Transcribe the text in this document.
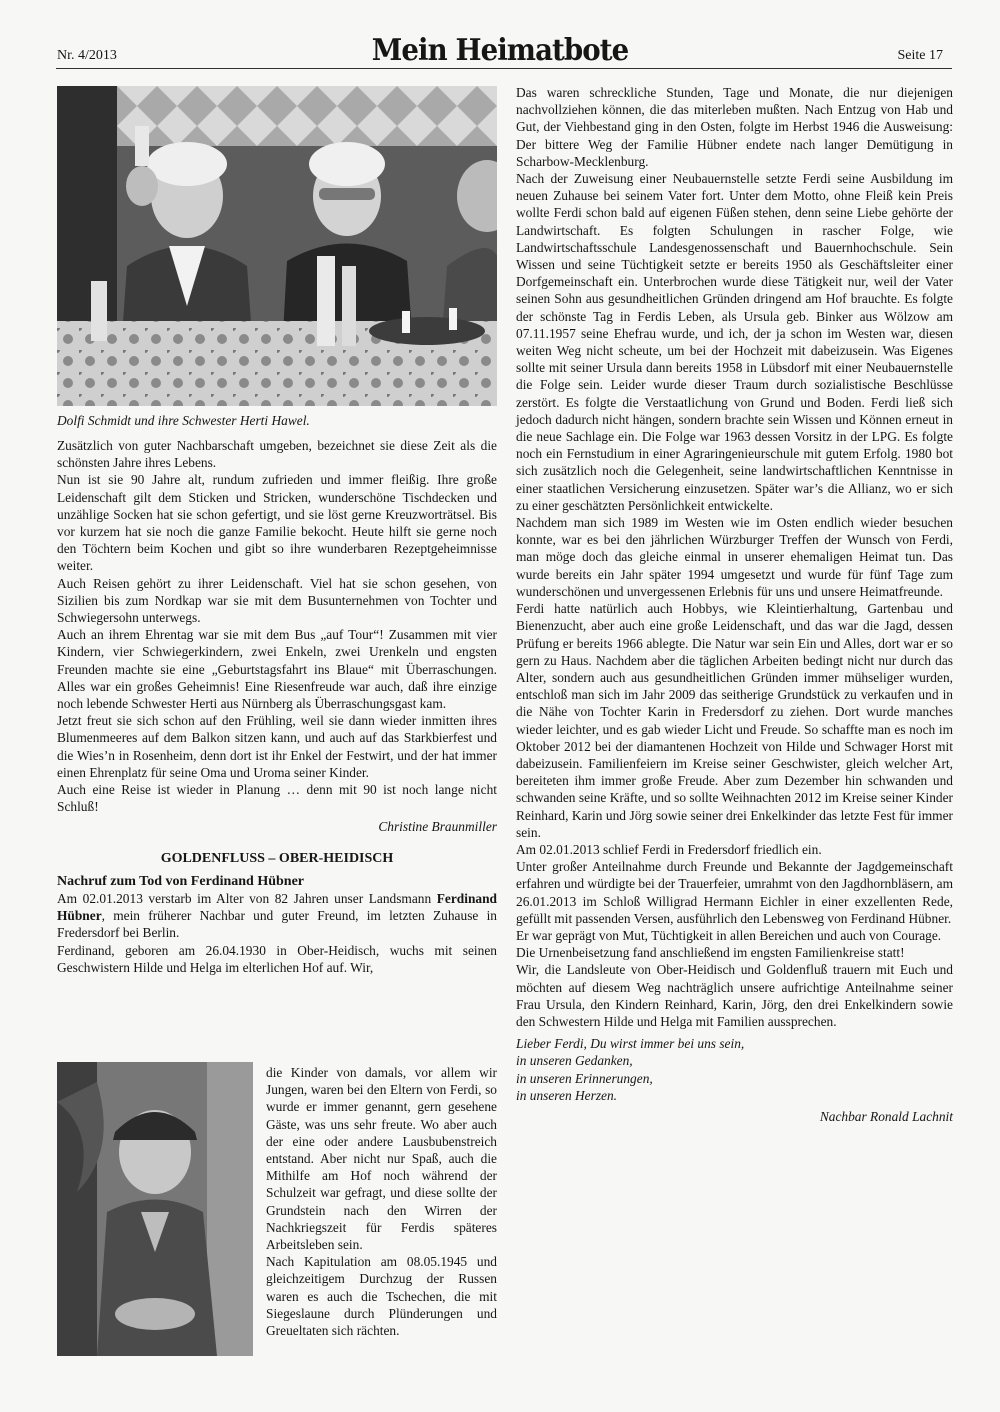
Nr. 4/2013	Mein Heimatbote	Seite 17
Dolfi Schmidt und ihre Schwester Herti Hawel.

Zusätzlich von guter Nachbarschaft umgeben, bezeichnet sie diese Zeit als die schönsten Jahre ihres Lebens.

Nun ist sie 90 Jahre alt, rundum zufrieden und immer fleißig. Ihre große Leidenschaft gilt dem Sticken und Stricken, wunderschöne Tischdecken und unzählige Socken hat sie schon gefertigt, und sie löst gerne Kreuzworträtsel. Bis vor kurzem hat sie noch die ganze Familie bekocht. Heute hilft sie gerne noch den Töchtern beim Kochen und gibt so ihre wunderbaren Rezeptgeheimnisse weiter.

Auch Reisen gehört zu ihrer Leidenschaft. Viel hat sie schon gesehen, von Sizilien bis zum Nordkap war sie mit dem Busunternehmen von Tochter und Schwiegersohn unterwegs.

Auch an ihrem Ehrentag war sie mit dem Bus „auf Tour“! Zusammen mit vier Kindern, vier Schwiegerkindern, zwei Enkeln, zwei Urenkeln und engsten Freunden machte sie eine „Geburtstagsfahrt ins Blaue“ mit Überraschungen. Alles war ein großes Geheimnis! Eine Riesenfreude war auch, daß ihre einzige noch lebende Schwester Herti aus Nürnberg als Überraschungsgast kam.

Jetzt freut sie sich schon auf den Frühling, weil sie dann wieder inmitten ihres Blumenmeeres auf dem Balkon sitzen kann, und auch auf das Starkbierfest und die Wies’n in Rosenheim, denn dort ist ihr Enkel der Festwirt, und der hat immer einen Ehrenplatz für seine Oma und Uroma seiner Kinder.

Auch eine Reise ist wieder in Planung … denn mit 90 ist noch lange nicht Schluß!

Christine Braunmiller

GOLDENFLUSS – OBER-HEIDISCH

Nachruf zum Tod von Ferdinand Hübner

Am 02.01.2013 verstarb im Alter von 82 Jahren unser Landsmann Ferdinand Hübner, mein früherer Nachbar und guter Freund, im letzten Zuhause in Fredersdorf bei Berlin.

Ferdinand, geboren am 26.04.1930 in Ober-Heidisch, wuchs mit seinen Geschwistern Hilde und Helga im elterlichen Hof auf. Wir,

die Kinder von damals, vor allem wir Jungen, waren bei den Eltern von Ferdi, so wurde er immer genannt, gern gesehene Gäste, was uns sehr freute. Wo aber auch der eine oder andere Lausbubenstreich entstand. Aber nicht nur Spaß, auch die Mithilfe am Hof noch während der Schulzeit war gefragt, und diese sollte der Grundstein nach den Wirren der Nachkriegszeit für Ferdis späteres Arbeitsleben sein.

Nach Kapitulation am 08.05.1945 und gleichzeitigem Durchzug der Russen waren es auch die Tschechen, die mit Siegeslaune durch Plünderungen und Greueltaten sich rächten.

Das waren schreckliche Stunden, Tage und Monate, die nur diejenigen nachvollziehen können, die das miterleben mußten. Nach Entzug von Hab und Gut, der Viehbestand ging in den Osten, folgte im Herbst 1946 die Ausweisung: Der bittere Weg der Familie Hübner endete nach langer Demütigung in Scharbow-Mecklenburg.

Nach der Zuweisung einer Neubauernstelle setzte Ferdi seine Ausbildung im neuen Zuhause bei seinem Vater fort. Unter dem Motto, ohne Fleiß kein Preis wollte Ferdi schon bald auf eigenen Füßen stehen, denn seine Liebe gehörte der Landwirtschaft. Es folgten Schulungen in rascher Folge, wie Landwirtschaftsschule Landesgenossenschaft und Bauernhochschule. Sein Wissen und seine Tüchtigkeit setzte er bereits 1950 als Geschäftsleiter einer Dorfgemeinschaft ein. Unterbrochen wurde diese Tätigkeit nur, weil der Vater seinen Sohn aus gesundheitlichen Gründen dringend am Hof brauchte. Es folgte der schönste Tag in Ferdis Leben, als Ursula geb. Binker aus Wölzow am 07.11.1957 seine Ehefrau wurde, und ich, der ja schon im Westen war, diesen weiten Weg nicht scheute, um bei der Hochzeit mit dabeizusein. Was Eigenes sollte mit seiner Ursula dann bereits 1958 in Lübsdorf mit einer Neubauernstelle die Folge sein. Leider wurde dieser Traum durch sozialistische Beschlüsse zerstört. Es folgte die Verstaatlichung von Grund und Boden. Ferdi ließ sich jedoch dadurch nicht hängen, sondern brachte sein Wissen und Können erneut in die neue Sachlage ein. Die Folge war 1963 dessen Vorsitz in der LPG. Es folgte noch ein Fernstudium in einer Agraringenieurschule mit gutem Erfolg. 1980 bot sich zusätzlich noch die Gelegenheit, seine landwirtschaftlichen Kenntnisse in einer staatlichen Versicherung einzusetzen. Später war’s die Allianz, wo er sich zu einer geschätzten Persönlichkeit entwickelte.

Nachdem man sich 1989 im Westen wie im Osten endlich wieder besuchen konnte, war es bei den jährlichen Würzburger Treffen der Wunsch von Ferdi, man möge doch das gleiche einmal in unserer ehemaligen Heimat tun. Das wurde bereits ein Jahr später 1994 umgesetzt und wurde für fünf Tage zum wunderschönen und unvergessenen Erlebnis für uns und unsere Heimatfreunde.

Ferdi hatte natürlich auch Hobbys, wie Kleintierhaltung, Gartenbau und Bienenzucht, aber auch eine große Leidenschaft, und das war die Jagd, dessen Prüfung er bereits 1966 ablegte. Die Natur war sein Ein und Alles, dort war er so gern zu Haus. Nachdem aber die täglichen Arbeiten bedingt nicht nur durch das Alter, sondern auch aus gesundheitlichen Gründen immer mühseliger wurden, entschloß man sich im Jahr 2009 das seitherige Grundstück zu verkaufen und in die Nähe von Tochter Karin in Fredersdorf zu ziehen. Dort wurde manches wieder leichter, und es gab wieder Licht und Freude. So schaffte man es noch im Oktober 2012 bei der diamantenen Hochzeit von Hilde und Schwager Horst mit dabeizusein. Familienfeiern im Kreise seiner Geschwister, gleich welcher Art, bereiteten ihm immer große Freude. Aber zum Dezember hin schwanden und schwanden seine Kräfte, und so sollte Weihnachten 2012 im Kreise seiner Kinder Reinhard, Karin und Jörg sowie seiner drei Enkelkinder das letzte Fest für immer sein.

Am 02.01.2013 schlief Ferdi in Fredersdorf friedlich ein.

Unter großer Anteilnahme durch Freunde und Bekannte der Jagdgemeinschaft erfahren und würdigte bei der Trauerfeier, umrahmt von den Jagdhornbläsern, am 26.01.2013 im Schloß Willigrad Hermann Eichler in einer exzellenten Rede, gefüllt mit passenden Versen, ausführlich den Lebensweg von Ferdinand Hübner.

Er war geprägt von Mut, Tüchtigkeit in allen Bereichen und auch von Courage.

Die Urnenbeisetzung fand anschließend im engsten Familienkreise statt!

Wir, die Landsleute von Ober-Heidisch und Goldenfluß trauern mit Euch und möchten auf diesem Weg nachträglich unsere aufrichtige Anteilnahme seiner Frau Ursula, den Kindern Reinhard, Karin, Jörg, den drei Enkelkindern sowie den Schwestern Hilde und Helga mit Familien aussprechen.

Lieber Ferdi, Du wirst immer bei uns sein,

in unseren Gedanken,

in unseren Erinnerungen,

in unseren Herzen.

Nachbar Ronald Lachnit
